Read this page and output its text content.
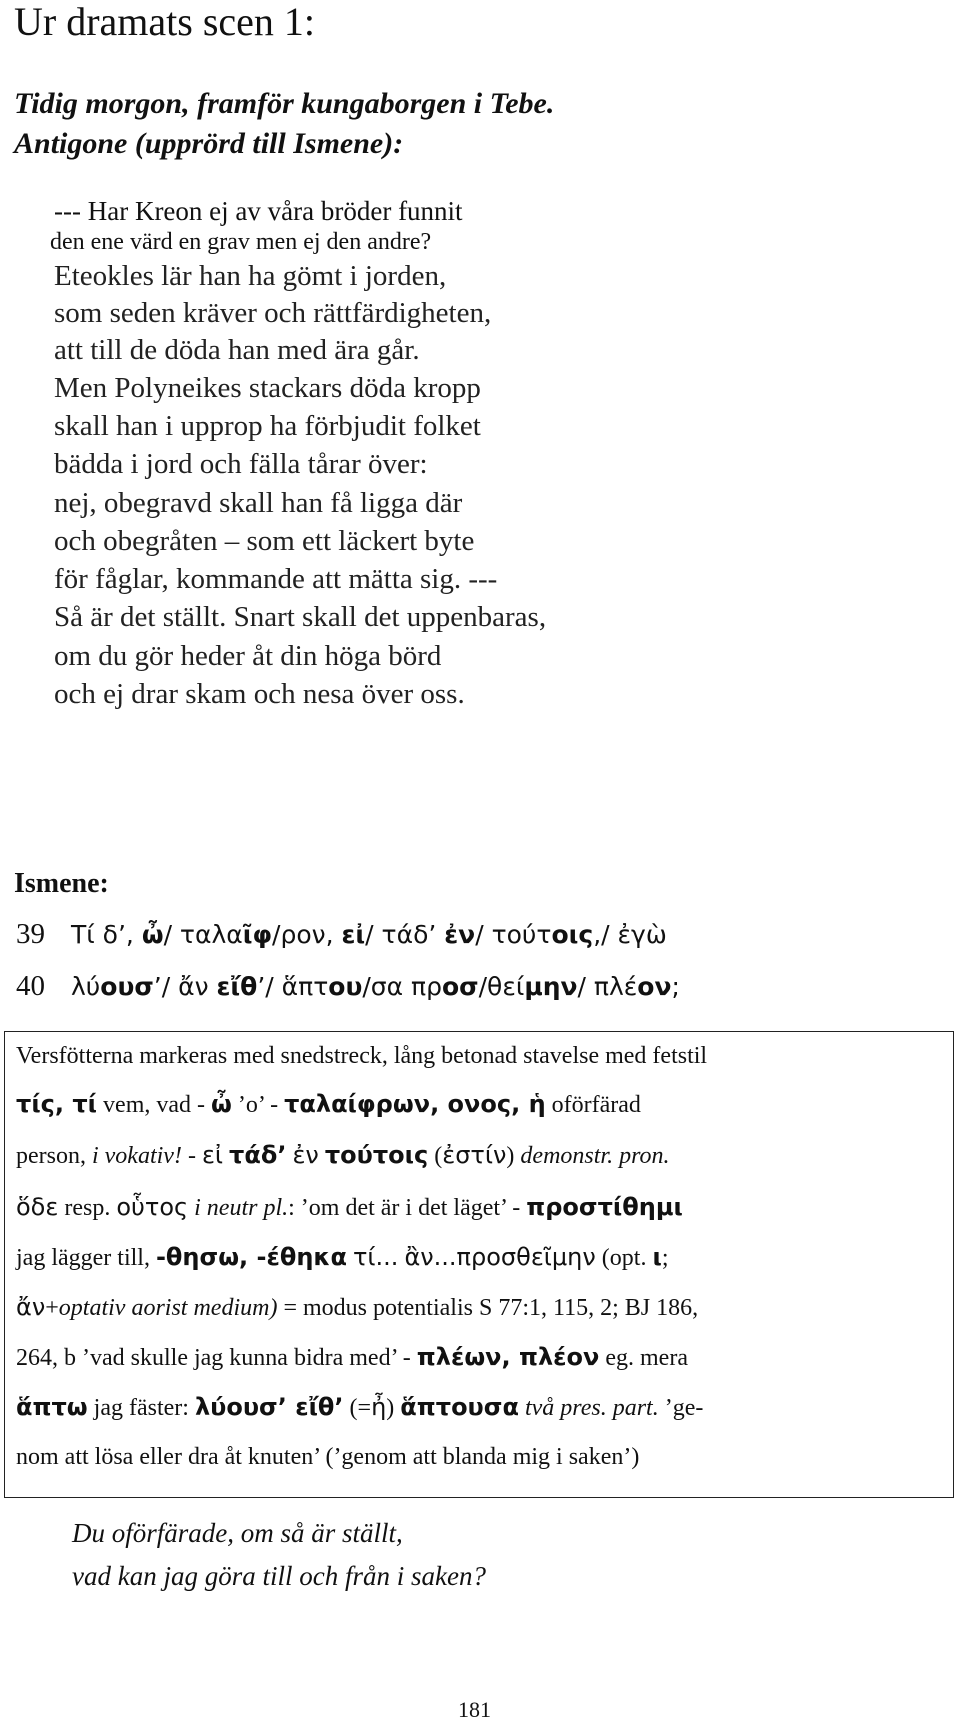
Ur dramats scen 1:
Tidig morgon, framför kungaborgen i Tebe.
Antigone (upprörd till Ismene):
--- Har Kreon ej av våra bröder funnit
den ene värd en grav men ej den andre?
Eteokles lär han ha gömt i jorden,
som seden kräver och rättfärdigheten,
att till de döda han med ära går.
Men Polyneikes stackars döda kropp
skall han i upprop ha förbjudit folket
bädda i jord och fälla tårar över:
nej, obegravd skall han få ligga där
och obegråten – som ett läckert byte
för fåglar, kommande att mätta sig. ---
Så är det ställt. Snart skall det uppenbaras,
om du gör heder åt din höga börd
och ej drar skam och nesa över oss.
Ismene:
39 Τί δ’, ὦ/ ταλαῖφ/ρον, εἰ/ τάδ’ ἐν/ τούτοις,/ ἐγὼ
40 λύουσ’/ ἄν εἴθ’/ ἅπτου/σα προσ/θείμην/ πλέον;
Versfötterna markeras med snedstreck, lång betonad stavelse med fetstil
τίς, τί vem, vad - ὦ ’o’ - ταλαίφρων, ονος, ἡ oförfärad
person, i vokativ! - εἰ τάδ’ ἐν τούτοις (ἐστίν) demonstr. pron.
ὅδε resp. οὗτος i neutr pl.: ’om det är i det läget’ - προστίθημι
jag lägger till, -θησω, -έθηκα τί... ἂν...προσθεῖμην (opt. ι;
ἄν+optativ aorist medium) = modus potentialis S 77:1, 115, 2; BJ 186,
264, b ’vad skulle jag kunna bidra med’ - πλέων, πλέον eg. mera
ἅπτω jag fäster: λύουσ’ εἴθ’ (=ἦ) ἅπτουσα två pres. part. ’ge-
nom att lösa eller dra åt knuten’ (’genom att blanda mig i saken’)
Du oförfärade, om så är ställt,
vad kan jag göra till och från i saken?
181
